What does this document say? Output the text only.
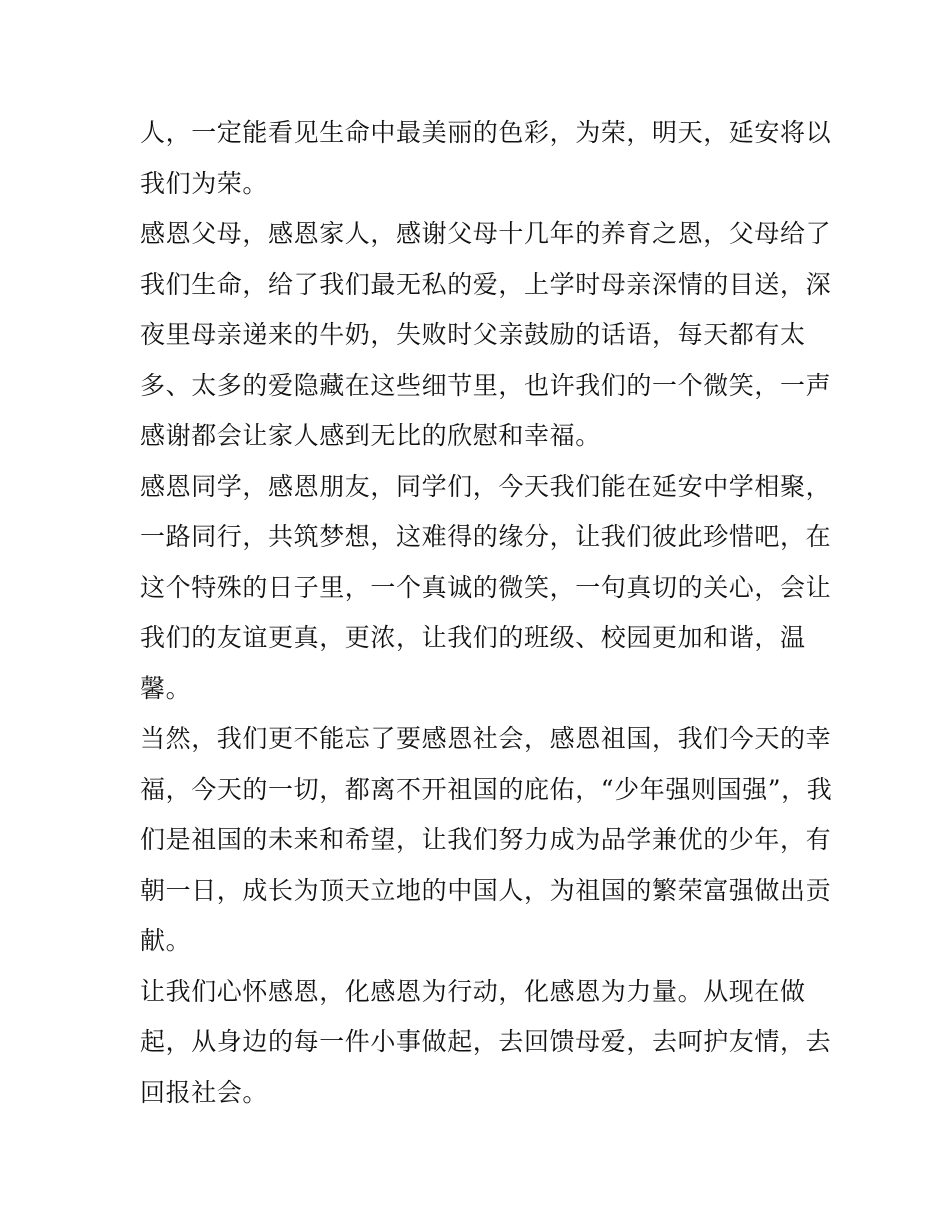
人，一定能看见生命中最美丽的色彩，为荣，明天，延安将以
我们为荣。
感恩父母，感恩家人，感谢父母十几年的养育之恩，父母给了
我们生命，给了我们最无私的爱，上学时母亲深情的目送，深
夜里母亲递来的牛奶，失败时父亲鼓励的话语，每天都有太
多、太多的爱隐藏在这些细节里，也许我们的一个微笑，一声
感谢都会让家人感到无比的欣慰和幸福。
感恩同学，感恩朋友，同学们，今天我们能在延安中学相聚，
一路同行，共筑梦想，这难得的缘分，让我们彼此珍惜吧，在
这个特殊的日子里，一个真诚的微笑，一句真切的关心，会让
我们的友谊更真，更浓，让我们的班级、校园更加和谐，温
馨。
当然，我们更不能忘了要感恩社会，感恩祖国，我们今天的幸
福，今天的一切，都离不开祖国的庇佑，“少年强则国强”，我
们是祖国的未来和希望，让我们努力成为品学兼优的少年，有
朝一日，成长为顶天立地的中国人，为祖国的繁荣富强做出贡
献。
让我们心怀感恩，化感恩为行动，化感恩为力量。从现在做
起，从身边的每一件小事做起，去回馈母爱，去呵护友情，去
回报社会。
